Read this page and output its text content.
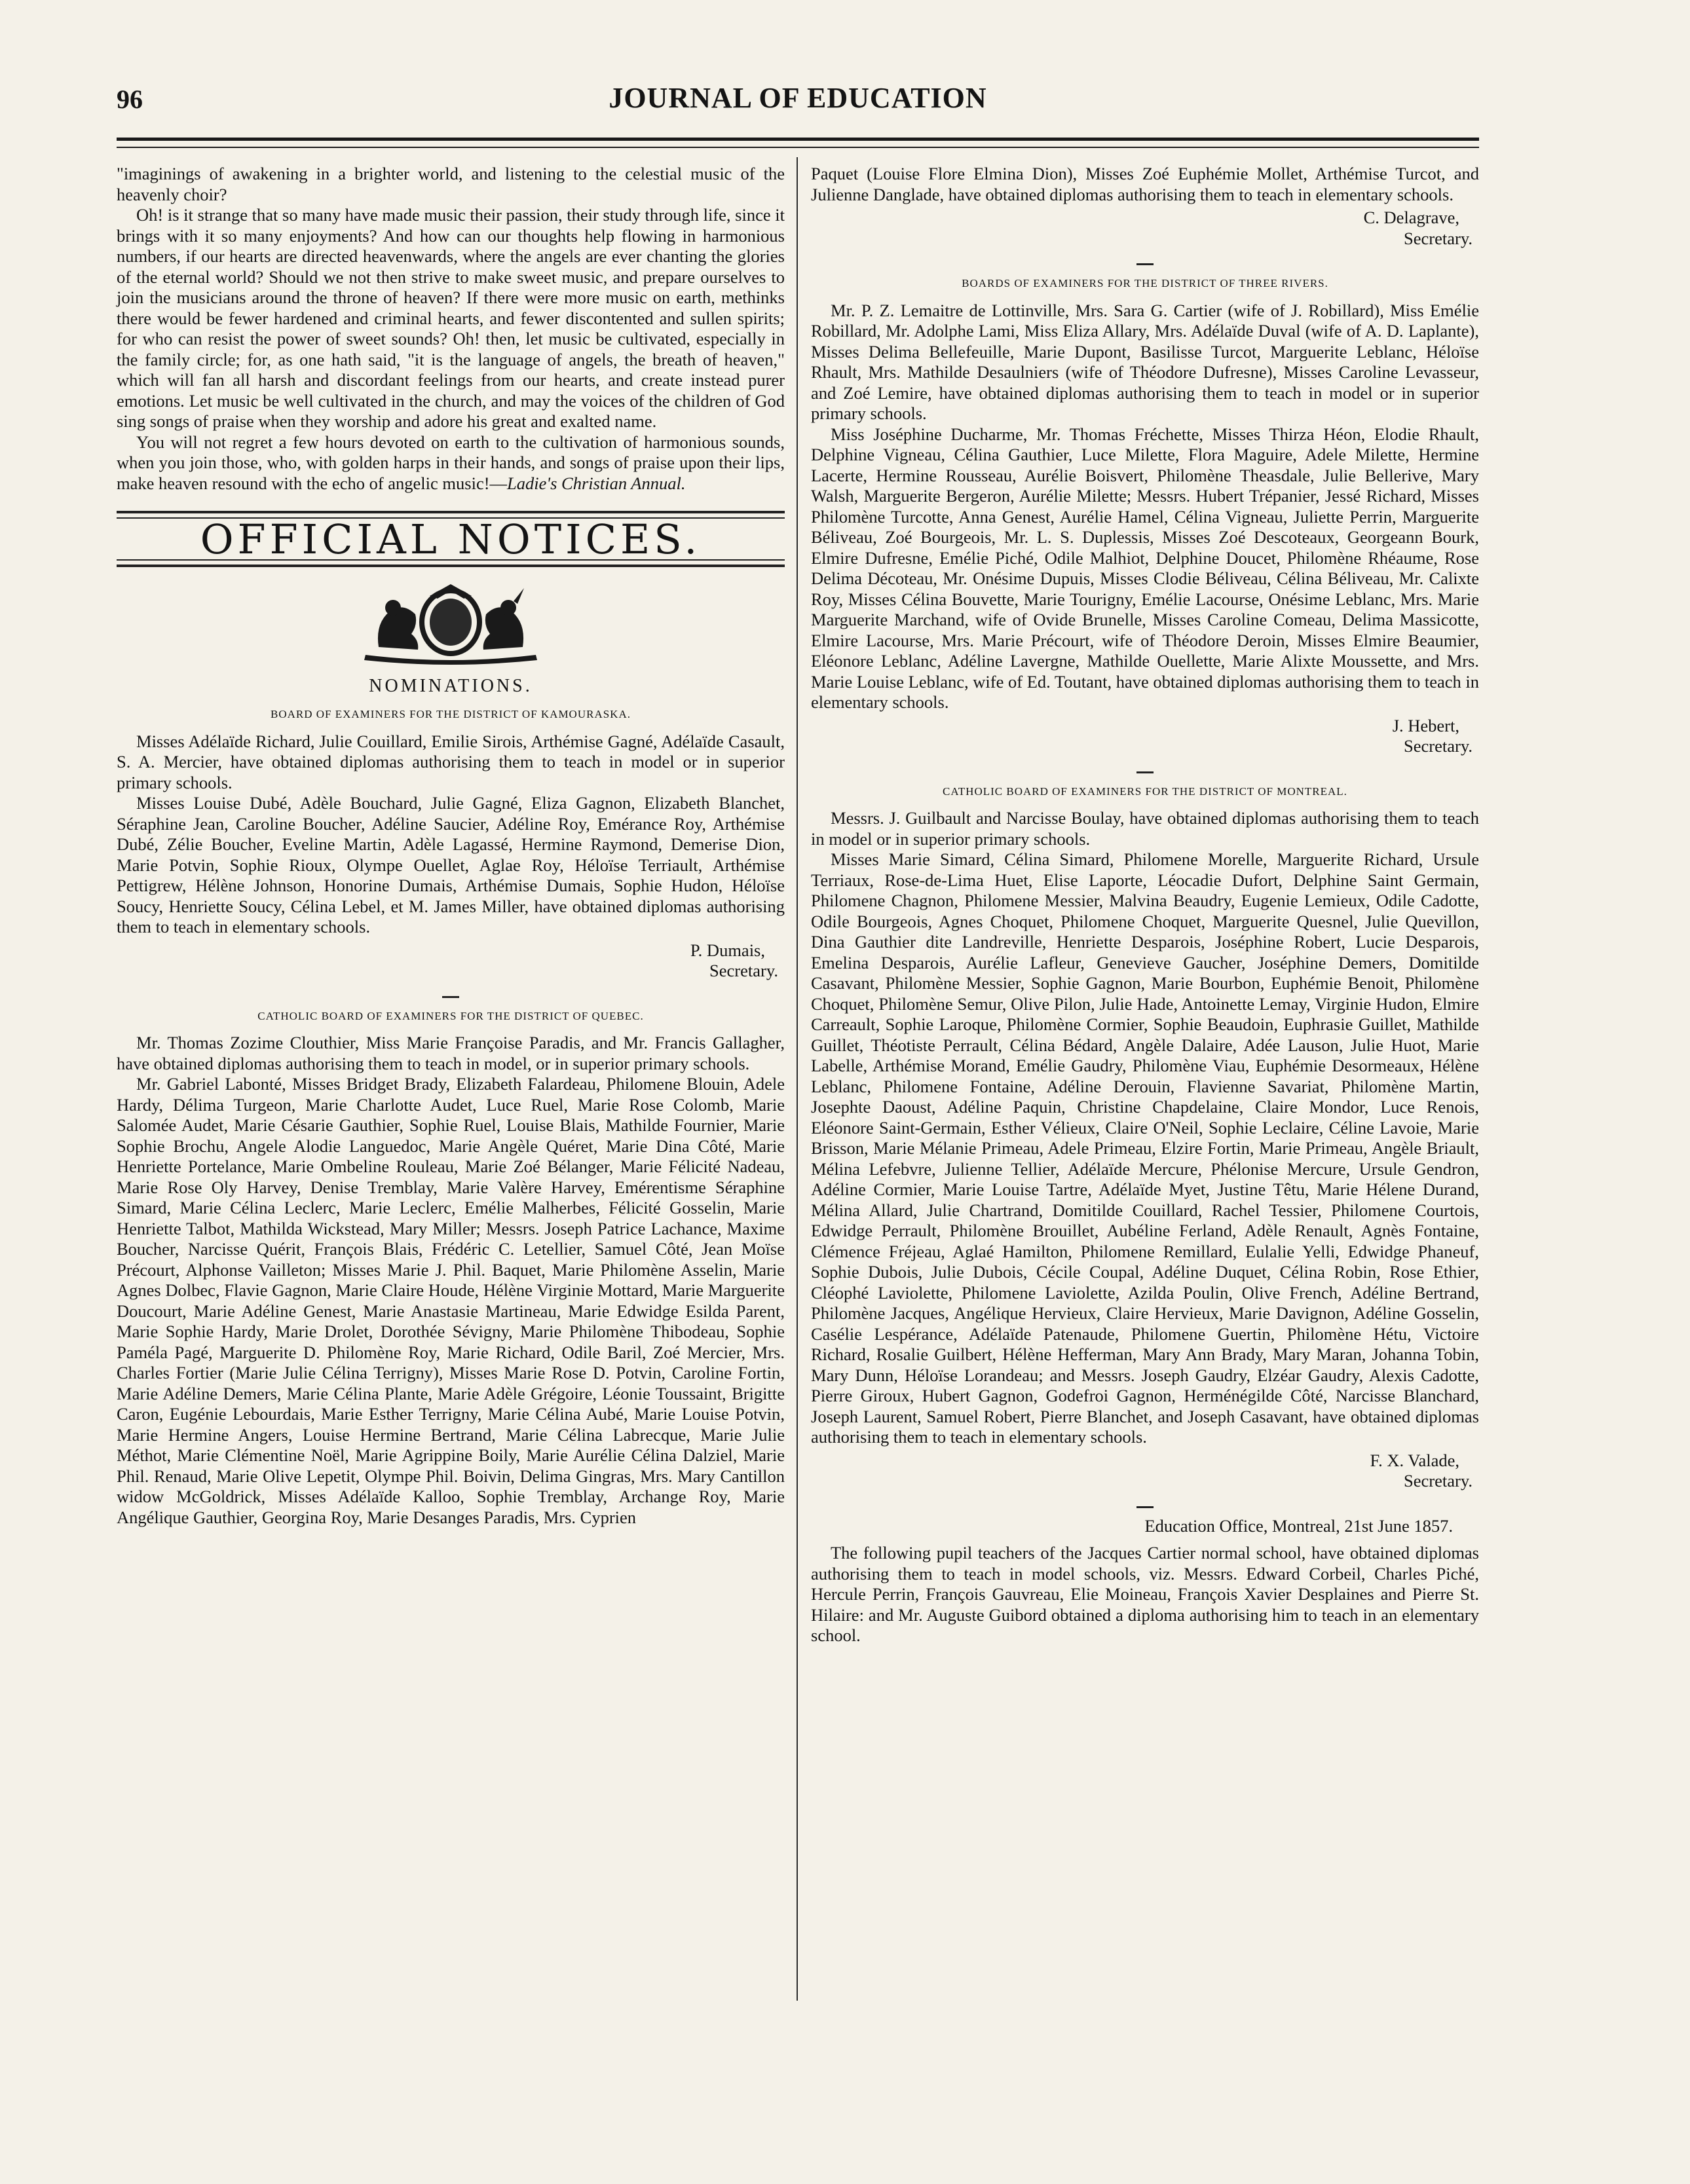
96	JOURNAL OF EDUCATION

"imaginings of awakening in a brighter world, and listening to the celestial music of the heavenly choir?

Oh! is it strange that so many have made music their passion, their study through life, since it brings with it so many enjoyments? And how can our thoughts help flowing in harmonious numbers, if our hearts are directed heavenwards, where the angels are ever chanting the glories of the eternal world? Should we not then strive to make sweet music, and prepare ourselves to join the musicians around the throne of heaven? If there were more music on earth, methinks there would be fewer hardened and criminal hearts, and fewer discontented and sullen spirits; for who can resist the power of sweet sounds? Oh! then, let music be cultivated, especially in the family circle; for, as one hath said, "it is the language of angels, the breath of heaven," which will fan all harsh and discordant feelings from our hearts, and create instead purer emotions. Let music be well cultivated in the church, and may the voices of the children of God sing songs of praise when they worship and adore his great and exalted name.

You will not regret a few hours devoted on earth to the cultivation of harmonious sounds, when you join those, who, with golden harps in their hands, and songs of praise upon their lips, make heaven resound with the echo of angelic music!—Ladie's Christian Annual.

OFFICIAL NOTICES.
NOMINATIONS.
BOARD OF EXAMINERS FOR THE DISTRICT OF KAMOURASKA.

Misses Adélaïde Richard, Julie Couillard, Emilie Sirois, Arthémise Gagné, Adélaïde Casault, S. A. Mercier, have obtained diplomas authorising them to teach in model or in superior primary schools.

Misses Louise Dubé, Adèle Bouchard, Julie Gagné, Eliza Gagnon, Elizabeth Blanchet, Séraphine Jean, Caroline Boucher, Adéline Saucier, Adéline Roy, Emérance Roy, Arthémise Dubé, Zélie Boucher, Eveline Martin, Adèle Lagassé, Hermine Raymond, Demerise Dion, Marie Potvin, Sophie Rioux, Olympe Ouellet, Aglae Roy, Héloïse Terriault, Arthémise Pettigrew, Hélène Johnson, Honorine Dumais, Arthémise Dumais, Sophie Hudon, Héloïse Soucy, Henriette Soucy, Célina Lebel, et M. James Miller, have obtained diplomas authorising them to teach in elementary schools.

P. Dumais,
Secretary.
CATHOLIC BOARD OF EXAMINERS FOR THE DISTRICT OF QUEBEC.

Mr. Thomas Zozime Clouthier, Miss Marie Françoise Paradis, and Mr. Francis Gallagher, have obtained diplomas authorising them to teach in model, or in superior primary schools.

Mr. Gabriel Labonté, Misses Bridget Brady, Elizabeth Falardeau, Philomene Blouin, Adele Hardy, Délima Turgeon, Marie Charlotte Audet, Luce Ruel, Marie Rose Colomb, Marie Salomée Audet, Marie Césarie Gauthier, Sophie Ruel, Louise Blais, Mathilde Fournier, Marie Sophie Brochu, Angele Alodie Languedoc, Marie Angèle Quéret, Marie Dina Côté, Marie Henriette Portelance, Marie Ombeline Rouleau, Marie Zoé Bélanger, Marie Félicité Nadeau, Marie Rose Oly Harvey, Denise Tremblay, Marie Valère Harvey, Emérentisme Séraphine Simard, Marie Célina Leclerc, Marie Leclerc, Emélie Malherbes, Félicité Gosselin, Marie Henriette Talbot, Mathilda Wickstead, Mary Miller; Messrs. Joseph Patrice Lachance, Maxime Boucher, Narcisse Quérit, François Blais, Frédéric C. Letellier, Samuel Côté, Jean Moïse Précourt, Alphonse Vailleton; Misses Marie J. Phil. Baquet, Marie Philomène Asselin, Marie Agnes Dolbec, Flavie Gagnon, Marie Claire Houde, Hélène Virginie Mottard, Marie Marguerite Doucourt, Marie Adéline Genest, Marie Anastasie Martineau, Marie Edwidge Esilda Parent, Marie Sophie Hardy, Marie Drolet, Dorothée Sévigny, Marie Philomène Thibodeau, Sophie Paméla Pagé, Marguerite D. Philomène Roy, Marie Richard, Odile Baril, Zoé Mercier, Mrs. Charles Fortier (Marie Julie Célina Terrigny), Misses Marie Rose D. Potvin, Caroline Fortin, Marie Adéline Demers, Marie Célina Plante, Marie Adèle Grégoire, Léonie Toussaint, Brigitte Caron, Eugénie Lebourdais, Marie Esther Terrigny, Marie Célina Aubé, Marie Louise Potvin, Marie Hermine Angers, Louise Hermine Bertrand, Marie Célina Labrecque, Marie Julie Méthot, Marie Clémentine Noël, Marie Agrippine Boily, Marie Aurélie Célina Dalziel, Marie Phil. Renaud, Marie Olive Lepetit, Olympe Phil. Boivin, Delima Gingras, Mrs. Mary Cantillon widow McGoldrick, Misses Adélaïde Kalloo, Sophie Tremblay, Archange Roy, Marie Angélique Gauthier, Georgina Roy, Marie Desanges Paradis, Mrs. Cyprien

Paquet (Louise Flore Elmina Dion), Misses Zoé Euphémie Mollet, Arthémise Turcot, and Julienne Danglade, have obtained diplomas authorising them to teach in elementary schools.

C. Delagrave,
Secretary.
BOARDS OF EXAMINERS FOR THE DISTRICT OF THREE RIVERS.

Mr. P. Z. Lemaitre de Lottinville, Mrs. Sara G. Cartier (wife of J. Robillard), Miss Emélie Robillard, Mr. Adolphe Lami, Miss Eliza Allary, Mrs. Adélaïde Duval (wife of A. D. Laplante), Misses Delima Bellefeuille, Marie Dupont, Basilisse Turcot, Marguerite Leblanc, Héloïse Rhault, Mrs. Mathilde Desaulniers (wife of Théodore Dufresne), Misses Caroline Levasseur, and Zoé Lemire, have obtained diplomas authorising them to teach in model or in superior primary schools.

Miss Joséphine Ducharme, Mr. Thomas Fréchette, Misses Thirza Héon, Elodie Rhault, Delphine Vigneau, Célina Gauthier, Luce Milette, Flora Maguire, Adele Milette, Hermine Lacerte, Hermine Rousseau, Aurélie Boisvert, Philomène Theasdale, Julie Bellerive, Mary Walsh, Marguerite Bergeron, Aurélie Milette; Messrs. Hubert Trépanier, Jessé Richard, Misses Philomène Turcotte, Anna Genest, Aurélie Hamel, Célina Vigneau, Juliette Perrin, Marguerite Béliveau, Zoé Bourgeois, Mr. L. S. Duplessis, Misses Zoé Descoteaux, Georgeann Bourk, Elmire Dufresne, Emélie Piché, Odile Malhiot, Delphine Doucet, Philomène Rhéaume, Rose Delima Décoteau, Mr. Onésime Dupuis, Misses Clodie Béliveau, Célina Béliveau, Mr. Calixte Roy, Misses Célina Bouvette, Marie Tourigny, Emélie Lacourse, Onésime Leblanc, Mrs. Marie Marguerite Marchand, wife of Ovide Brunelle, Misses Caroline Comeau, Delima Massicotte, Elmire Lacourse, Mrs. Marie Précourt, wife of Théodore Deroin, Misses Elmire Beaumier, Eléonore Leblanc, Adéline Lavergne, Mathilde Ouellette, Marie Alixte Moussette, and Mrs. Marie Louise Leblanc, wife of Ed. Toutant, have obtained diplomas authorising them to teach in elementary schools.

J. Hebert,
Secretary.
CATHOLIC BOARD OF EXAMINERS FOR THE DISTRICT OF MONTREAL.

Messrs. J. Guilbault and Narcisse Boulay, have obtained diplomas authorising them to teach in model or in superior primary schools.

Misses Marie Simard, Célina Simard, Philomene Morelle, Marguerite Richard, Ursule Terriaux, Rose-de-Lima Huet, Elise Laporte, Léocadie Dufort, Delphine Saint Germain, Philomene Chagnon, Philomene Messier, Malvina Beaudry, Eugenie Lemieux, Odile Cadotte, Odile Bourgeois, Agnes Choquet, Philomene Choquet, Marguerite Quesnel, Julie Quevillon, Dina Gauthier dite Landreville, Henriette Desparois, Joséphine Robert, Lucie Desparois, Emelina Desparois, Aurélie Lafleur, Genevieve Gaucher, Joséphine Demers, Domitilde Casavant, Philomène Messier, Sophie Gagnon, Marie Bourbon, Euphémie Benoit, Philomène Choquet, Philomène Semur, Olive Pilon, Julie Hade, Antoinette Lemay, Virginie Hudon, Elmire Carreault, Sophie Laroque, Philomène Cormier, Sophie Beaudoin, Euphrasie Guillet, Mathilde Guillet, Théotiste Perrault, Célina Bédard, Angèle Dalaire, Adée Lauson, Julie Huot, Marie Labelle, Arthémise Morand, Emélie Gaudry, Philomène Viau, Euphémie Desormeaux, Hélène Leblanc, Philomene Fontaine, Adéline Derouin, Flavienne Savariat, Philomène Martin, Josephte Daoust, Adéline Paquin, Christine Chapdelaine, Claire Mondor, Luce Renois, Eléonore Saint-Germain, Esther Vélieux, Claire O'Neil, Sophie Leclaire, Céline Lavoie, Marie Brisson, Marie Mélanie Primeau, Adele Primeau, Elzire Fortin, Marie Primeau, Angèle Briault, Mélina Lefebvre, Julienne Tellier, Adélaïde Mercure, Phélonise Mercure, Ursule Gendron, Adéline Cormier, Marie Louise Tartre, Adélaïde Myet, Justine Têtu, Marie Hélene Durand, Mélina Allard, Julie Chartrand, Domitilde Couillard, Rachel Tessier, Philomene Courtois, Edwidge Perrault, Philomène Brouillet, Aubéline Ferland, Adèle Renault, Agnès Fontaine, Clémence Fréjeau, Aglaé Hamilton, Philomene Remillard, Eulalie Yelli, Edwidge Phaneuf, Sophie Dubois, Julie Dubois, Cécile Coupal, Adéline Duquet, Célina Robin, Rose Ethier, Cléophé Laviolette, Philomene Laviolette, Azilda Poulin, Olive French, Adéline Bertrand, Philomène Jacques, Angélique Hervieux, Claire Hervieux, Marie Davignon, Adéline Gosselin, Casélie Lespérance, Adélaïde Patenaude, Philomene Guertin, Philomène Hétu, Victoire Richard, Rosalie Guilbert, Hélène Hefferman, Mary Ann Brady, Mary Maran, Johanna Tobin, Mary Dunn, Héloïse Lorandeau; and Messrs. Joseph Gaudry, Elzéar Gaudry, Alexis Cadotte, Pierre Giroux, Hubert Gagnon, Godefroi Gagnon, Herménégilde Côté, Narcisse Blanchard, Joseph Laurent, Samuel Robert, Pierre Blanchet, and Joseph Casavant, have obtained diplomas authorising them to teach in elementary schools.

F. X. Valade,
Secretary.
Education Office, Montreal, 21st June 1857.

The following pupil teachers of the Jacques Cartier normal school, have obtained diplomas authorising them to teach in model schools, viz. Messrs. Edward Corbeil, Charles Piché, Hercule Perrin, François Gauvreau, Elie Moineau, François Xavier Desplaines and Pierre St. Hilaire: and Mr. Auguste Guibord obtained a diploma authorising him to teach in an elementary school.
